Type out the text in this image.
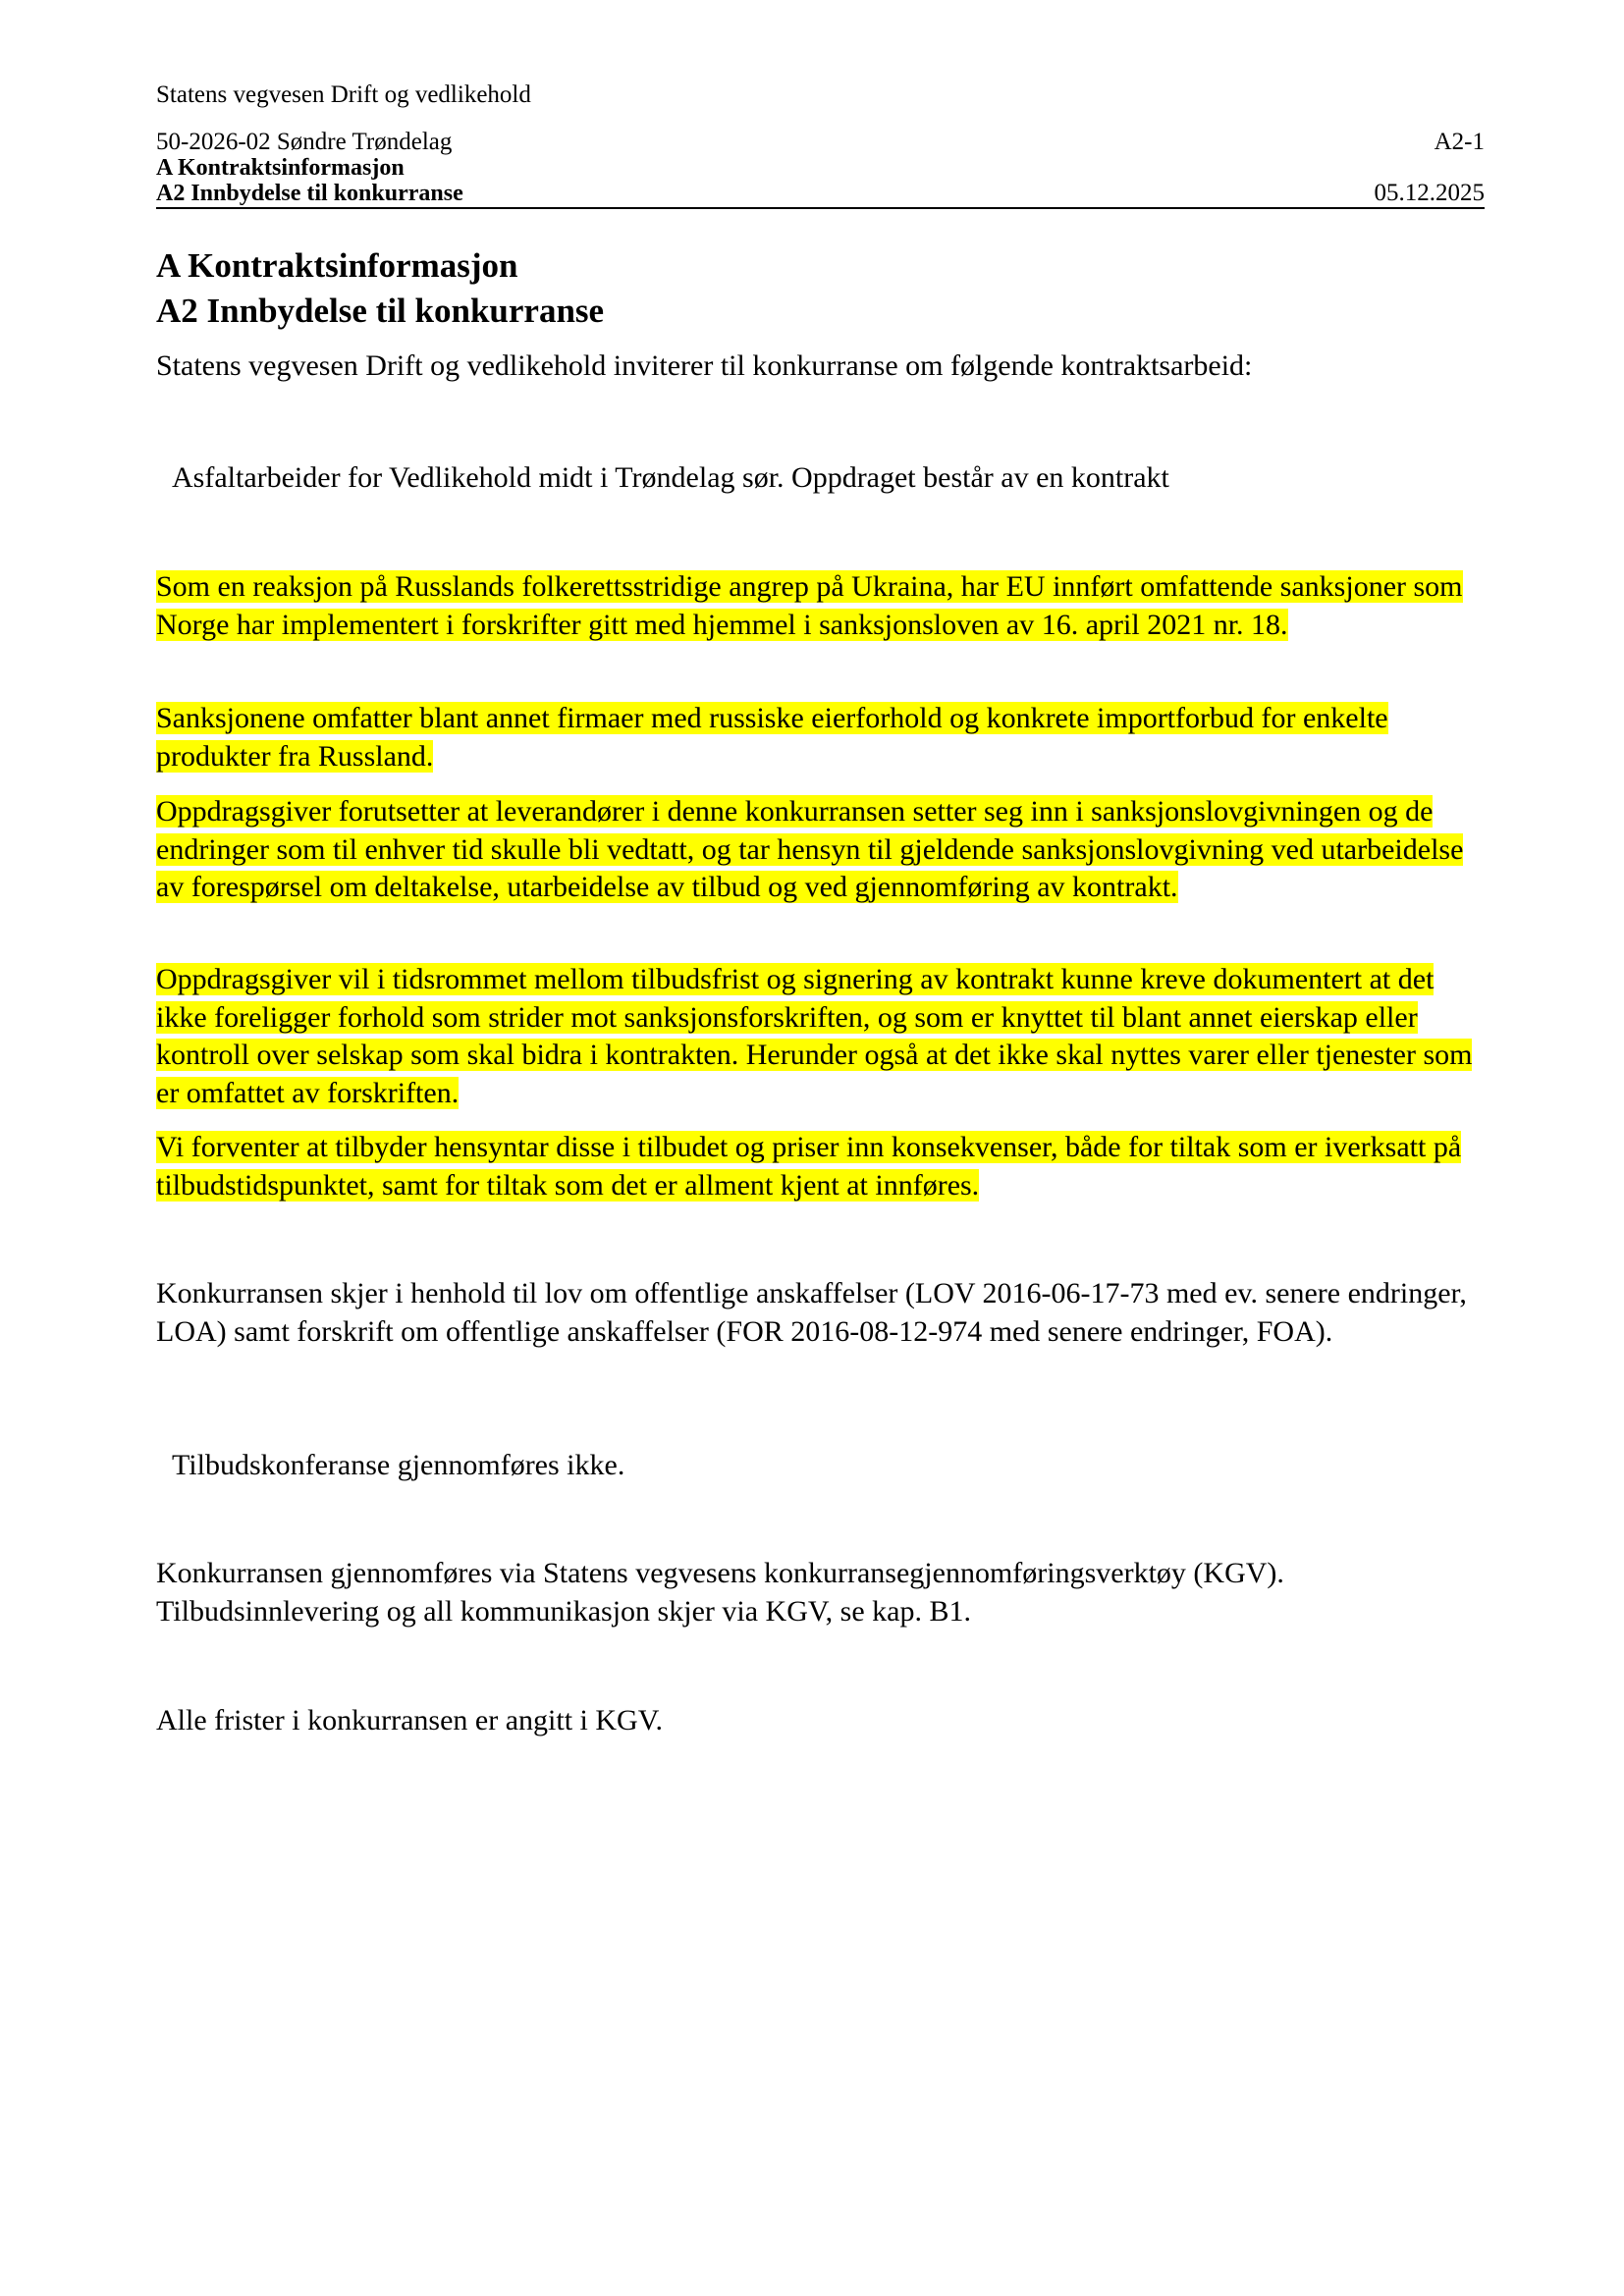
Statens vegvesen Drift og vedlikehold
50-2026-02 Søndre Trøndelag	A2-1
A Kontraktsinformasjon
A2 Innbydelse til konkurranse	05.12.2025
A Kontraktsinformasjon
A2 Innbydelse til konkurranse
Statens vegvesen Drift og vedlikehold inviterer til konkurranse om følgende kontraktsarbeid:
Asfaltarbeider for Vedlikehold midt i Trøndelag sør. Oppdraget består av en kontrakt
Som en reaksjon på Russlands folkerettsstridige angrep på Ukraina, har EU innført omfattende sanksjoner som Norge har implementert i forskrifter gitt med hjemmel i sanksjonsloven av 16. april 2021 nr. 18.
Sanksjonene omfatter blant annet firmaer med russiske eierforhold og konkrete importforbud for enkelte produkter fra Russland.
Oppdragsgiver forutsetter at leverandører i denne konkurransen setter seg inn i sanksjonslovgivningen og de endringer som til enhver tid skulle bli vedtatt, og tar hensyn til gjeldende sanksjonslovgivning ved utarbeidelse av forespørsel om deltakelse, utarbeidelse av tilbud og ved gjennomføring av kontrakt.
Oppdragsgiver vil i tidsrommet mellom tilbudsfrist og signering av kontrakt kunne kreve dokumentert at det ikke foreligger forhold som strider mot sanksjonsforskriften, og som er knyttet til blant annet eierskap eller kontroll over selskap som skal bidra i kontrakten. Herunder også at det ikke skal nyttes varer eller tjenester som er omfattet av forskriften.
Vi forventer at tilbyder hensyntar disse i tilbudet og priser inn konsekvenser, både for tiltak som er iverksatt på tilbudstidspunktet, samt for tiltak som det er allment kjent at innføres.
Konkurransen skjer i henhold til lov om offentlige anskaffelser (LOV 2016-06-17-73 med ev. senere endringer, LOA) samt forskrift om offentlige anskaffelser (FOR 2016-08-12-974 med senere endringer, FOA).
Tilbudskonferanse gjennomføres ikke.
Konkurransen gjennomføres via Statens vegvesens konkurransegjennomføringsverktøy (KGV). Tilbudsinnlevering og all kommunikasjon skjer via KGV, se kap. B1.
Alle frister i konkurransen er angitt i KGV.
